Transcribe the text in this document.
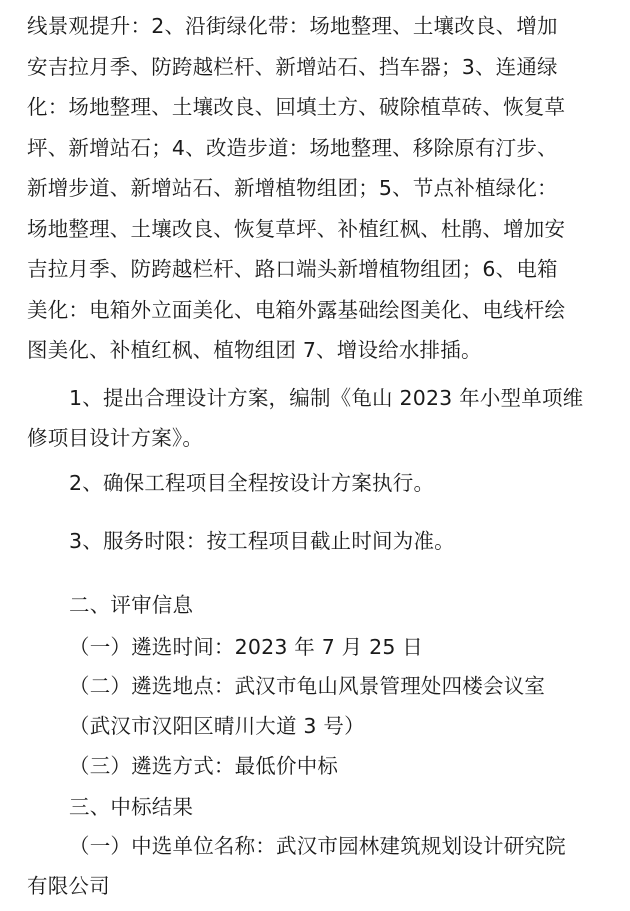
线景观提升：2、沿街绿化带：场地整理、土壤改良、增加
安吉拉月季、防跨越栏杆、新增站石、挡车器；3、连通绿
化：场地整理、土壤改良、回填土方、破除植草砖、恢复草
坪、新增站石；4、改造步道：场地整理、移除原有汀步、
新增步道、新增站石、新增植物组团；5、节点补植绿化：
场地整理、土壤改良、恢复草坪、补植红枫、杜鹃、增加安
吉拉月季、防跨越栏杆、路口端头新增植物组团；6、电箱
美化：电箱外立面美化、电箱外露基础绘图美化、电线杆绘
图美化、补植红枫、植物组团 7、增设给水排插。
1、提出合理设计方案，编制《龟山 2023 年小型单项维
修项目设计方案》。
2、确保工程项目全程按设计方案执行。
3、服务时限：按工程项目截止时间为准。
二、评审信息
（一）遴选时间：2023 年 7 月 25 日
（二）遴选地点：武汉市龟山风景管理处四楼会议室
（武汉市汉阳区晴川大道 3 号）
（三）遴选方式：最低价中标
三、中标结果
（一）中选单位名称：武汉市园林建筑规划设计研究院
有限公司
